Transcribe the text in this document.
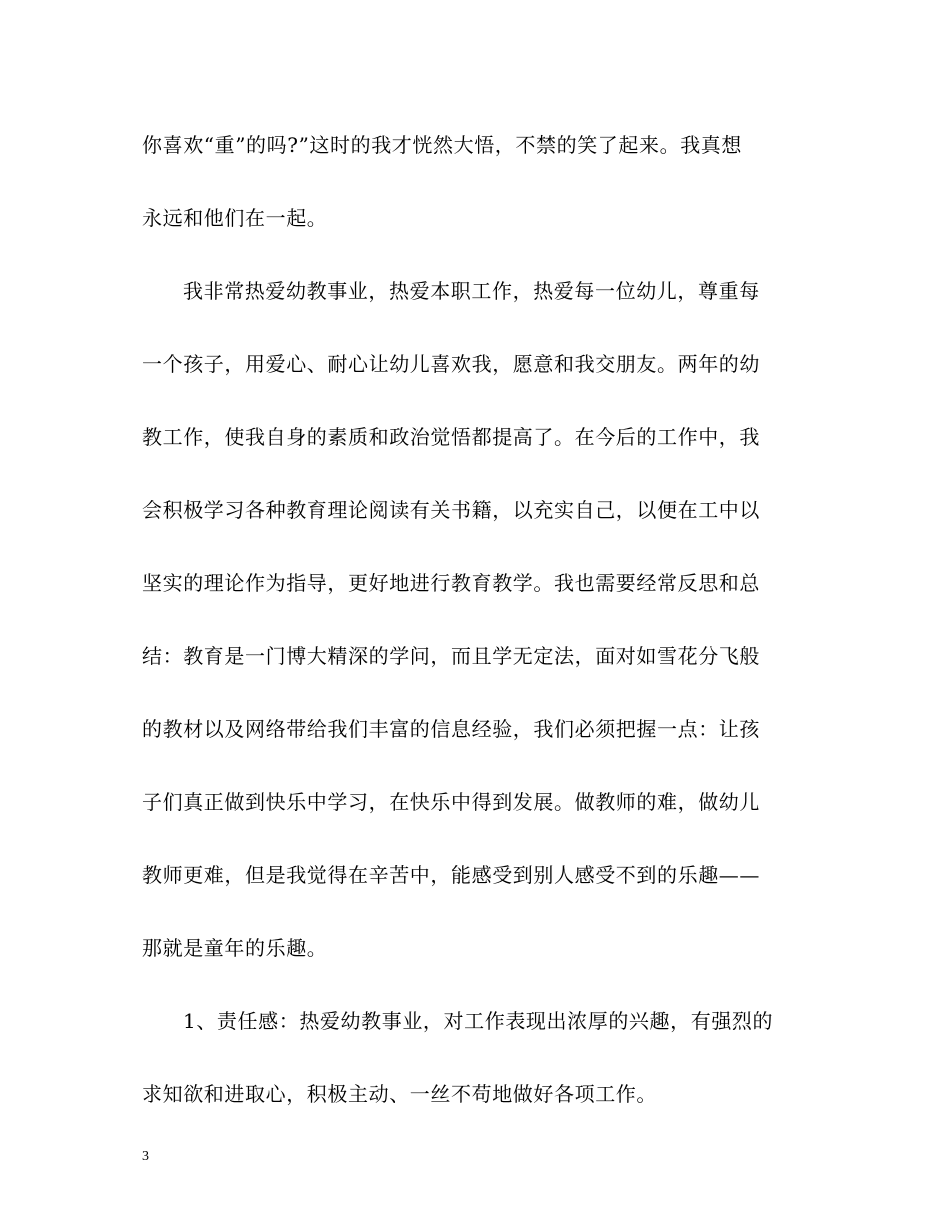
你喜欢“重”的吗?”这时的我才恍然大悟，不禁的笑了起来。我真想
永远和他们在一起。
我非常热爱幼教事业，热爱本职工作，热爱每一位幼儿，尊重每
一个孩子，用爱心、耐心让幼儿喜欢我，愿意和我交朋友。两年的幼
教工作，使我自身的素质和政治觉悟都提高了。在今后的工作中，我
会积极学习各种教育理论阅读有关书籍，以充实自己，以便在工中以
坚实的理论作为指导，更好地进行教育教学。我也需要经常反思和总
结：教育是一门博大精深的学问，而且学无定法，面对如雪花分飞般
的教材以及网络带给我们丰富的信息经验，我们必须把握一点：让孩
子们真正做到快乐中学习，在快乐中得到发展。做教师的难，做幼儿
教师更难，但是我觉得在辛苦中，能感受到别人感受不到的乐趣——
那就是童年的乐趣。
1、责任感：热爱幼教事业，对工作表现出浓厚的兴趣，有强烈的
求知欲和进取心，积极主动、一丝不苟地做好各项工作。
3
